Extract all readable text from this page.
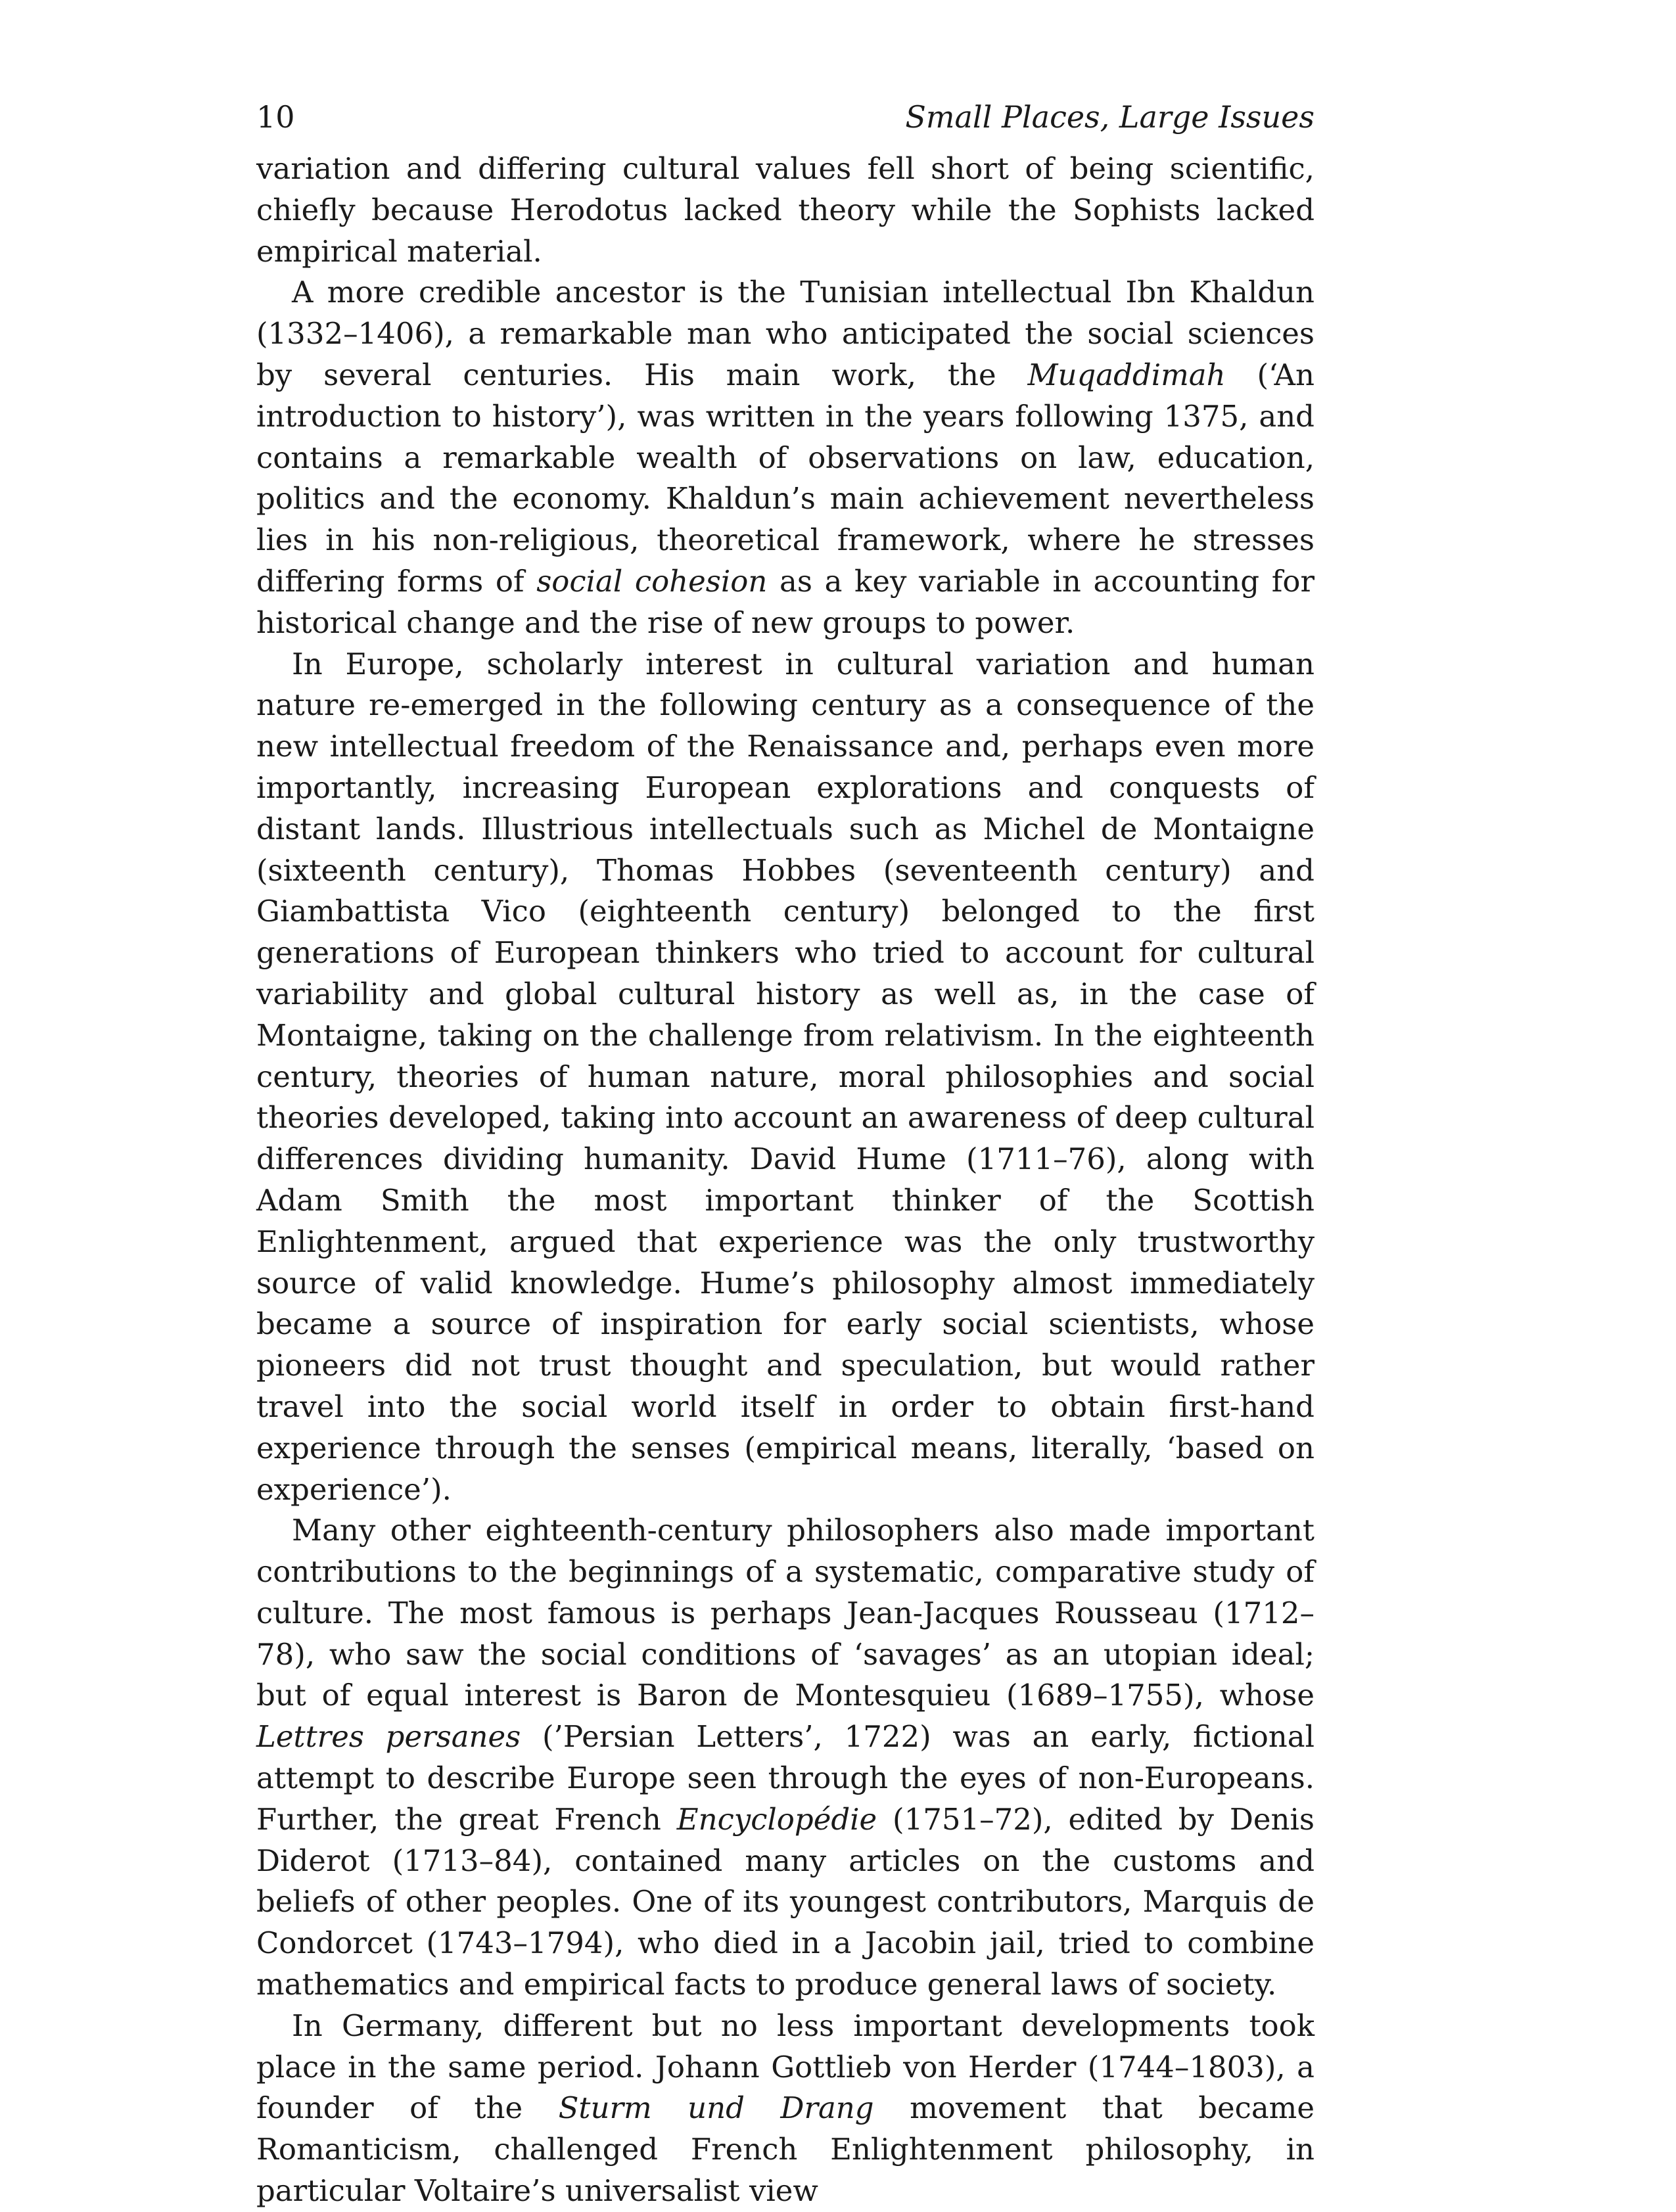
10	Small Places, Large Issues

variation and differing cultural values fell short of being scientific, chiefly because Herodotus lacked theory while the Sophists lacked empirical material.

A more credible ancestor is the Tunisian intellectual Ibn Khaldun (1332–1406), a remarkable man who anticipated the social sciences by several centuries. His main work, the Muqaddimah (‘An introduction to history’), was written in the years following 1375, and contains a remarkable wealth of observations on law, education, politics and the economy. Khaldun’s main achievement nevertheless lies in his non-religious, theoretical framework, where he stresses differing forms of social cohesion as a key variable in accounting for historical change and the rise of new groups to power.

In Europe, scholarly interest in cultural variation and human nature re-emerged in the following century as a consequence of the new intellectual freedom of the Renaissance and, perhaps even more importantly, increasing European explorations and conquests of distant lands. Illustrious intellectuals such as Michel de Montaigne (sixteenth century), Thomas Hobbes (seventeenth century) and Giambattista Vico (eighteenth century) belonged to the first generations of European thinkers who tried to account for cultural variability and global cultural history as well as, in the case of Montaigne, taking on the challenge from relativism. In the eighteenth century, theories of human nature, moral philosophies and social theories developed, taking into account an awareness of deep cultural differences dividing humanity. David Hume (1711–76), along with Adam Smith the most important thinker of the Scottish Enlightenment, argued that experience was the only trustworthy source of valid knowledge. Hume’s philosophy almost immediately became a source of inspiration for early social scientists, whose pioneers did not trust thought and speculation, but would rather travel into the social world itself in order to obtain first-hand experience through the senses (empirical means, literally, ‘based on experience’).

Many other eighteenth-century philosophers also made important contributions to the beginnings of a systematic, comparative study of culture. The most famous is perhaps Jean-Jacques Rousseau (1712–78), who saw the social conditions of ‘savages’ as an utopian ideal; but of equal interest is Baron de Montesquieu (1689–1755), whose Lettres persanes (’Persian Letters’, 1722) was an early, fictional attempt to describe Europe seen through the eyes of non-Europeans. Further, the great French Encyclopédie (1751–72), edited by Denis Diderot (1713–84), contained many articles on the customs and beliefs of other peoples. One of its youngest contributors, Marquis de Condorcet (1743–1794), who died in a Jacobin jail, tried to combine mathematics and empirical facts to produce general laws of society.

In Germany, different but no less important developments took place in the same period. Johann Gottlieb von Herder (1744–1803), a founder of the Sturm und Drang movement that became Romanticism, challenged French Enlightenment philosophy, in particular Voltaire’s universalist view
